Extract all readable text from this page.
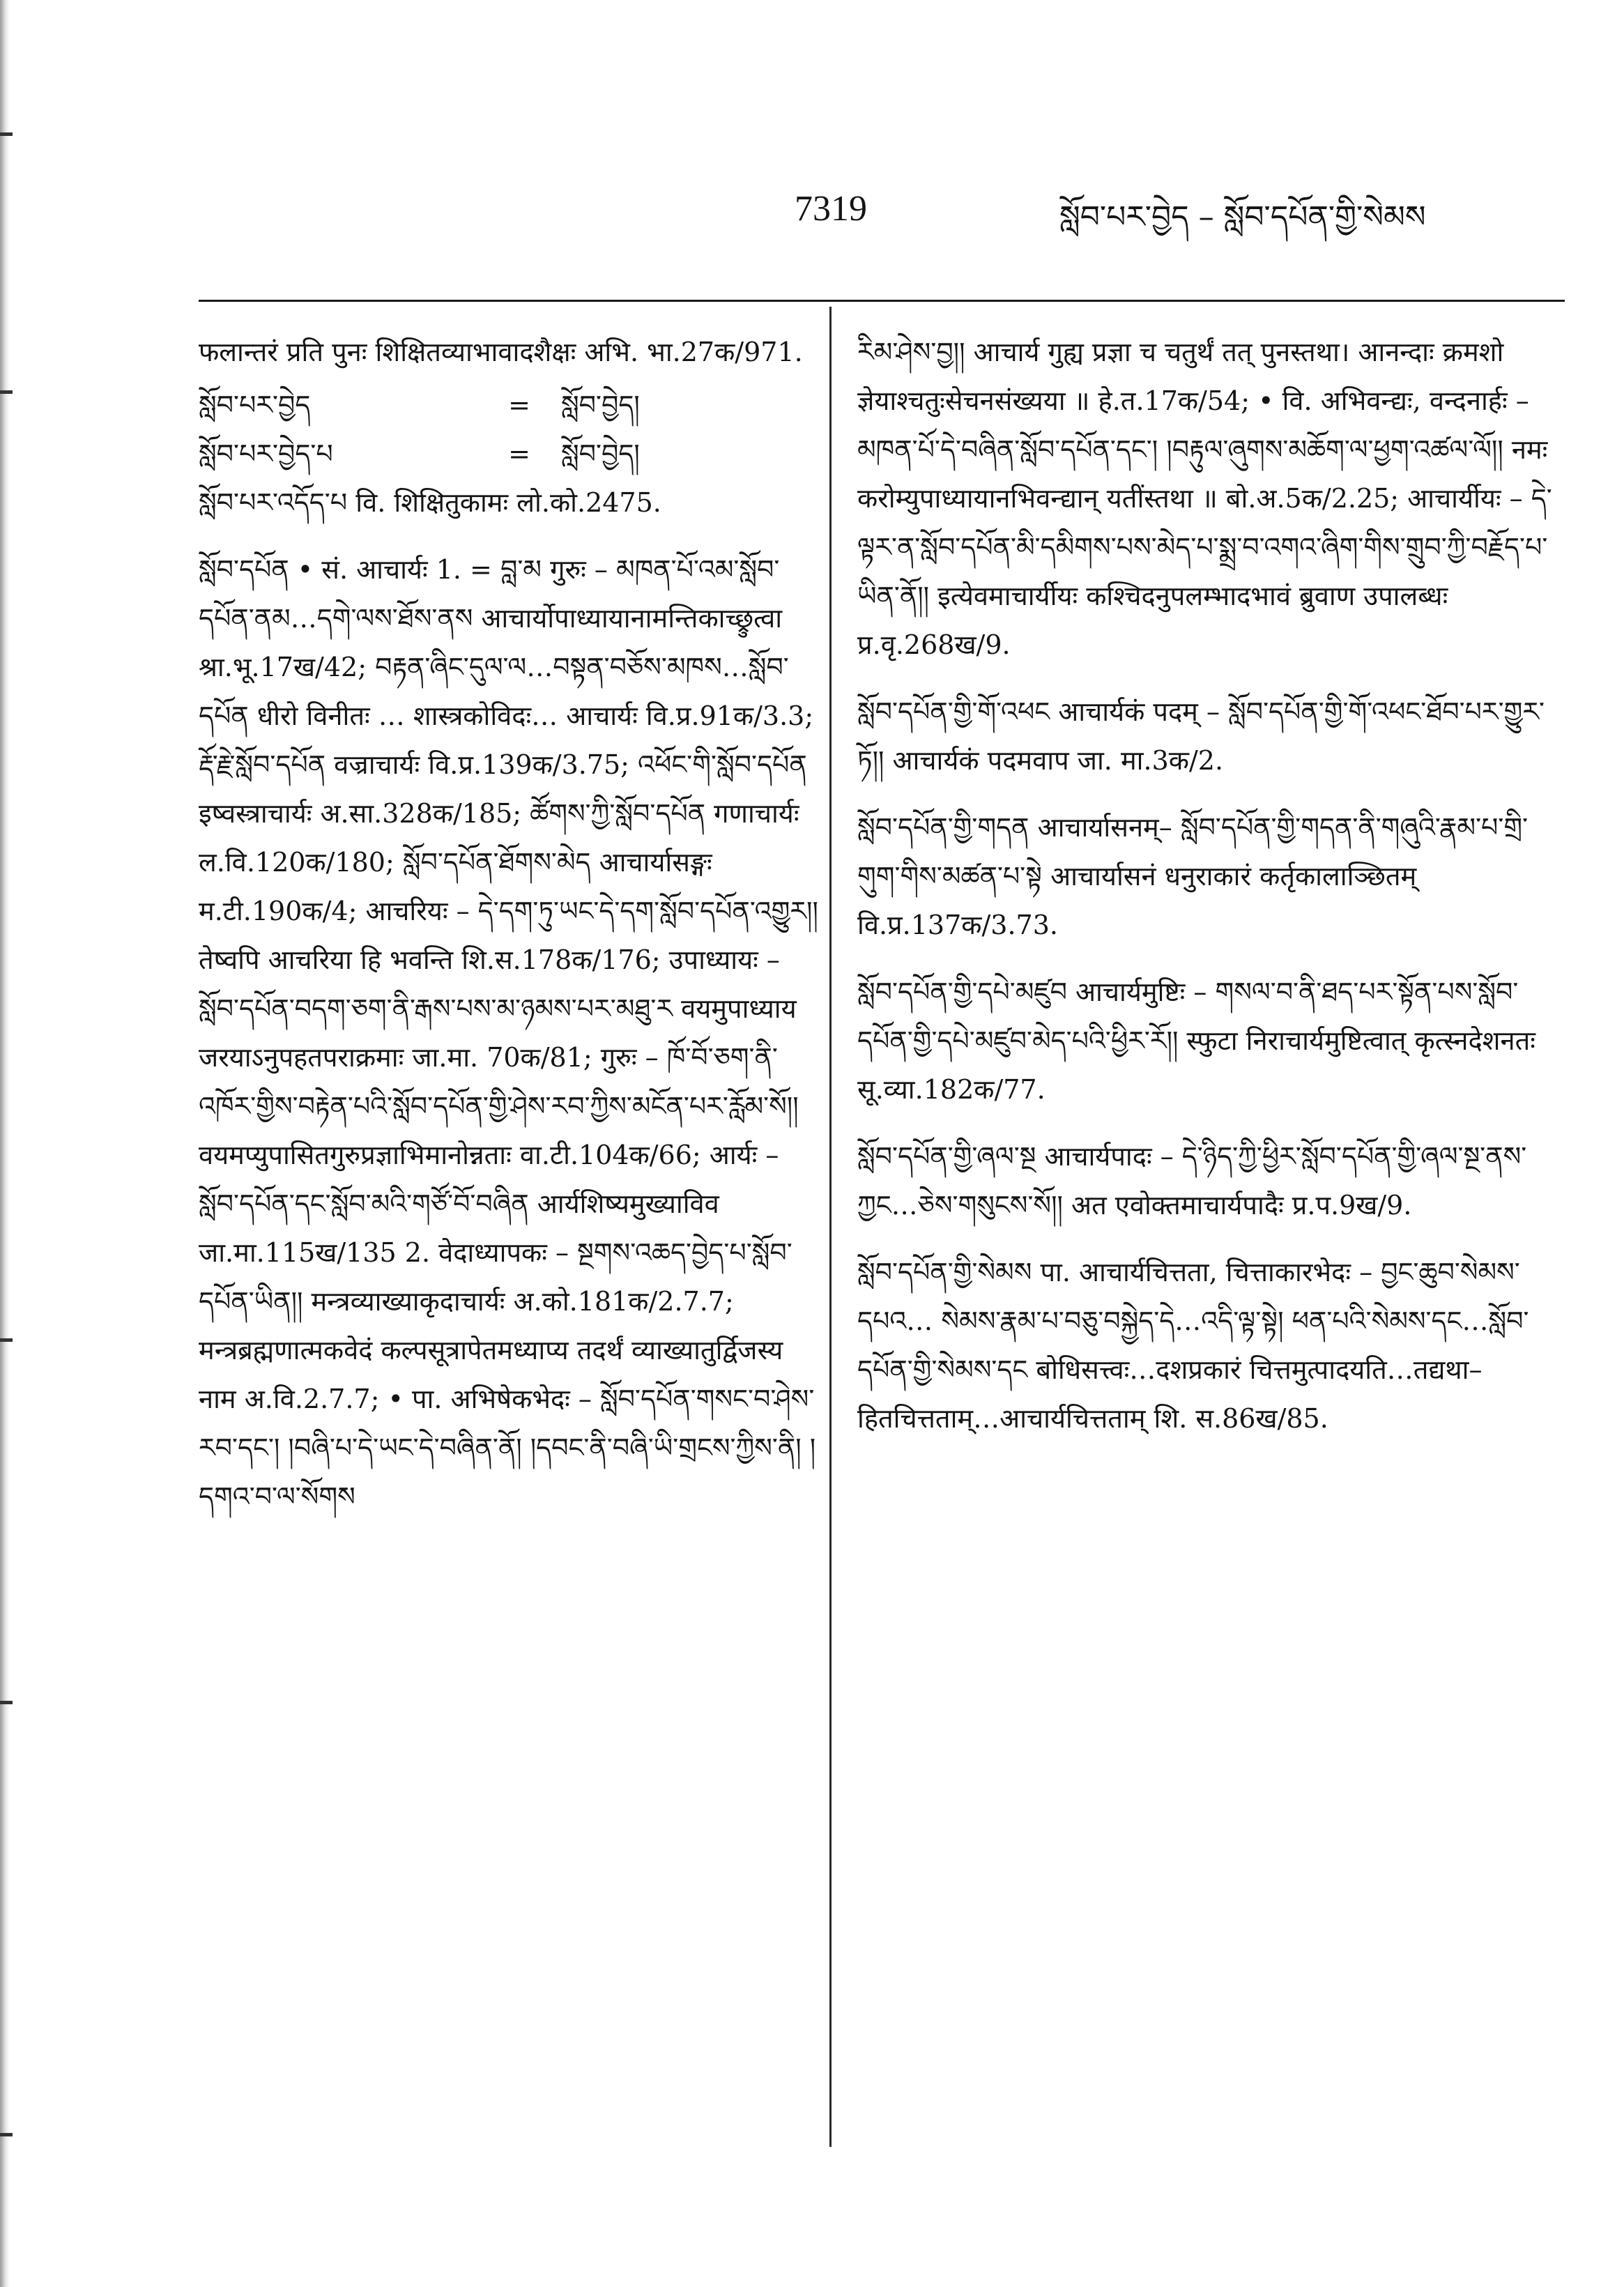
7319	སློབ་པར་བྱེད – སློབ་དཔོན་གྱི་སེམས

फलान्तरं प्रति पुनः शिक्षितव्याभावादशैक्षः अभि. भा.27क/971.

སློབ་པར་བྱེད	=	སློབ་བྱེད།
སློབ་པར་བྱེད་པ	=	སློབ་བྱེད།

སློབ་པར་འདོད་པ वि. शिक्षितुकामः लो.को.2475.

སློབ་དཔོན • सं. आचार्यः 1. = བླ་མ गुरुः – མཁན་པོ་འམ་སློབ་དཔོན་ནམ…དགེ་ལས་ཐོས་ནས आचार्योपाध्यायानामन्तिकाच्छ्रुत्वा श्रा.भू.17ख/42; བརྟན་ཞིང་དུལ་ལ…བསྟན་བཅོས་མཁས…སློབ་དཔོན धीरो विनीतः … शास्त्रकोविदः… आचार्यः वि.प्र.91क/3.3; རྡོ་རྗེ་སློབ་དཔོན वज्राचार्यः वि.प्र.139क/3.75; འཕོང་གི་སློབ་དཔོན इष्वस्त्राचार्यः अ.सा.328क/185; ཚོགས་ཀྱི་སློབ་དཔོན गणाचार्यः ल.वि.120क/180; སློབ་དཔོན་ཐོགས་མེད आचार्यासङ्गः म.टी.190क/4; आचरियः – དེ་དག་ཏུ་ཡང་དེ་དག་སློབ་དཔོན་འགྱུར།། तेष्वपि आचरिया हि भवन्ति शि.स.178क/176; उपाध्यायः – སློབ་དཔོན་བདག་ཅག་ནི་རྒས་པས་མ་ཉམས་པར་མཐུ་ར वयमुपाध्याय जरयाऽनुपहतपराक्रमाः जा.मा. 70क/81; गुरुः – ཁོ་བོ་ཅག་ནི་འཁོར་གྱིས་བརྟེན་པའི་སློབ་དཔོན་གྱི་ཤེས་རབ་ཀྱིས་མངོན་པར་རློམ་སོ།། वयमप्युपासितगुरुप्रज्ञाभिमानोन्नताः वा.टी.104क/66; आर्यः – སློབ་དཔོན་དང་སློབ་མའི་གཙོ་བོ་བཞིན आर्यशिष्यमुख्याविव जा.मा.115ख/135 2. वेदाध्यापकः – སྔགས་འཆད་བྱེད་པ་སློབ་དཔོན་ཡིན།། मन्त्रव्याख्याकृदाचार्यः अ.को.181क/2.7.7; मन्त्रब्रह्मणात्मकवेदं कल्पसूत्रापेतमध्याप्य तदर्थं व्याख्यातुर्द्विजस्य नाम अ.वि.2.7.7; • पा. अभिषेकभेदः – སློབ་དཔོན་གསང་བ་ཤེས་རབ་དང་། །བཞི་པ་དེ་ཡང་དེ་བཞིན་ནོ། །དབང་ནི་བཞི་ཡི་གྲངས་ཀྱིས་ནི། །དགའ་བ་ལ་སོགས

རིམ་ཤེས་བྱ།། आचार्य गुह्य प्रज्ञा च चतुर्थं तत् पुनस्तथा। आनन्दाः क्रमशो ज्ञेयाश्चतुःसेचनसंख्यया ॥ हे.त.17क/54; • वि. अभिवन्द्यः, वन्दनार्हः – མཁན་པོ་དེ་བཞིན་སློབ་དཔོན་དང་། །བརྟུལ་ཞུགས་མཆོག་ལ་ཕྱག་འཚལ་ལོ།། नमः करोम्युपाध्यायानभिवन्द्यान् यतींस्तथा ॥ बो.अ.5क/2.25; आचार्यीयः – དེ་ལྟར་ན་སློབ་དཔོན་མི་དམིགས་པས་མེད་པ་སྨྲ་བ་འགའ་ཞིག་གིས་གྲུབ་ཀྱི་བརྗོད་པ་ཡིན་ནོ།། इत्येवमाचार्यीयः कश्चिदनुपलम्भादभावं ब्रुवाण उपालब्धः प्र.वृ.268ख/9.

སློབ་དཔོན་གྱི་གོ་འཕང आचार्यकं पदम् – སློབ་དཔོན་གྱི་གོ་འཕང་ཐོབ་པར་གྱུར་ཏོ།། आचार्यकं पदमवाप जा. मा.3क/2.

སློབ་དཔོན་གྱི་གདན आचार्यासनम्– སློབ་དཔོན་གྱི་གདན་ནི་གཞུའི་རྣམ་པ་གྲི་གུག་གིས་མཚན་པ་སྟེ आचार्यासनं धनुराकारं कर्तृकालाञ्छितम् वि.प्र.137क/3.73.

སློབ་དཔོན་གྱི་དཔེ་མཛུབ आचार्यमुष्टिः – གསལ་བ་ནི་ཐད་པར་སྟོན་པས་སློབ་དཔོན་གྱི་དཔེ་མཛུབ་མེད་པའི་ཕྱིར་རོ།། स्फुटा निराचार्यमुष्टित्वात् कृत्स्नदेशनतः सू.व्या.182क/77.

སློབ་དཔོན་གྱི་ཞལ་སྔ आचार्यपादः – དེ་ཉིད་ཀྱི་ཕྱིར་སློབ་དཔོན་གྱི་ཞལ་སྔ་ནས་ཀྱང…ཅེས་གསུངས་སོ།། अत एवोक्तमाचार्यपादैः प्र.प.9ख/9.

སློབ་དཔོན་གྱི་སེམས पा. आचार्यचित्तता, चित्ताकारभेदः – བྱང་ཆུབ་སེམས་དཔའ… སེམས་རྣམ་པ་བཅུ་བསྐྱེད་དེ…འདི་ལྟ་སྟེ། ཕན་པའི་སེམས་དང…སློབ་དཔོན་གྱི་སེམས་དང बोधिसत्त्वः…दशप्रकारं चित्तमुत्पादयति…तद्यथा–हितचित्तताम्…आचार्यचित्तताम् शि. स.86ख/85.
